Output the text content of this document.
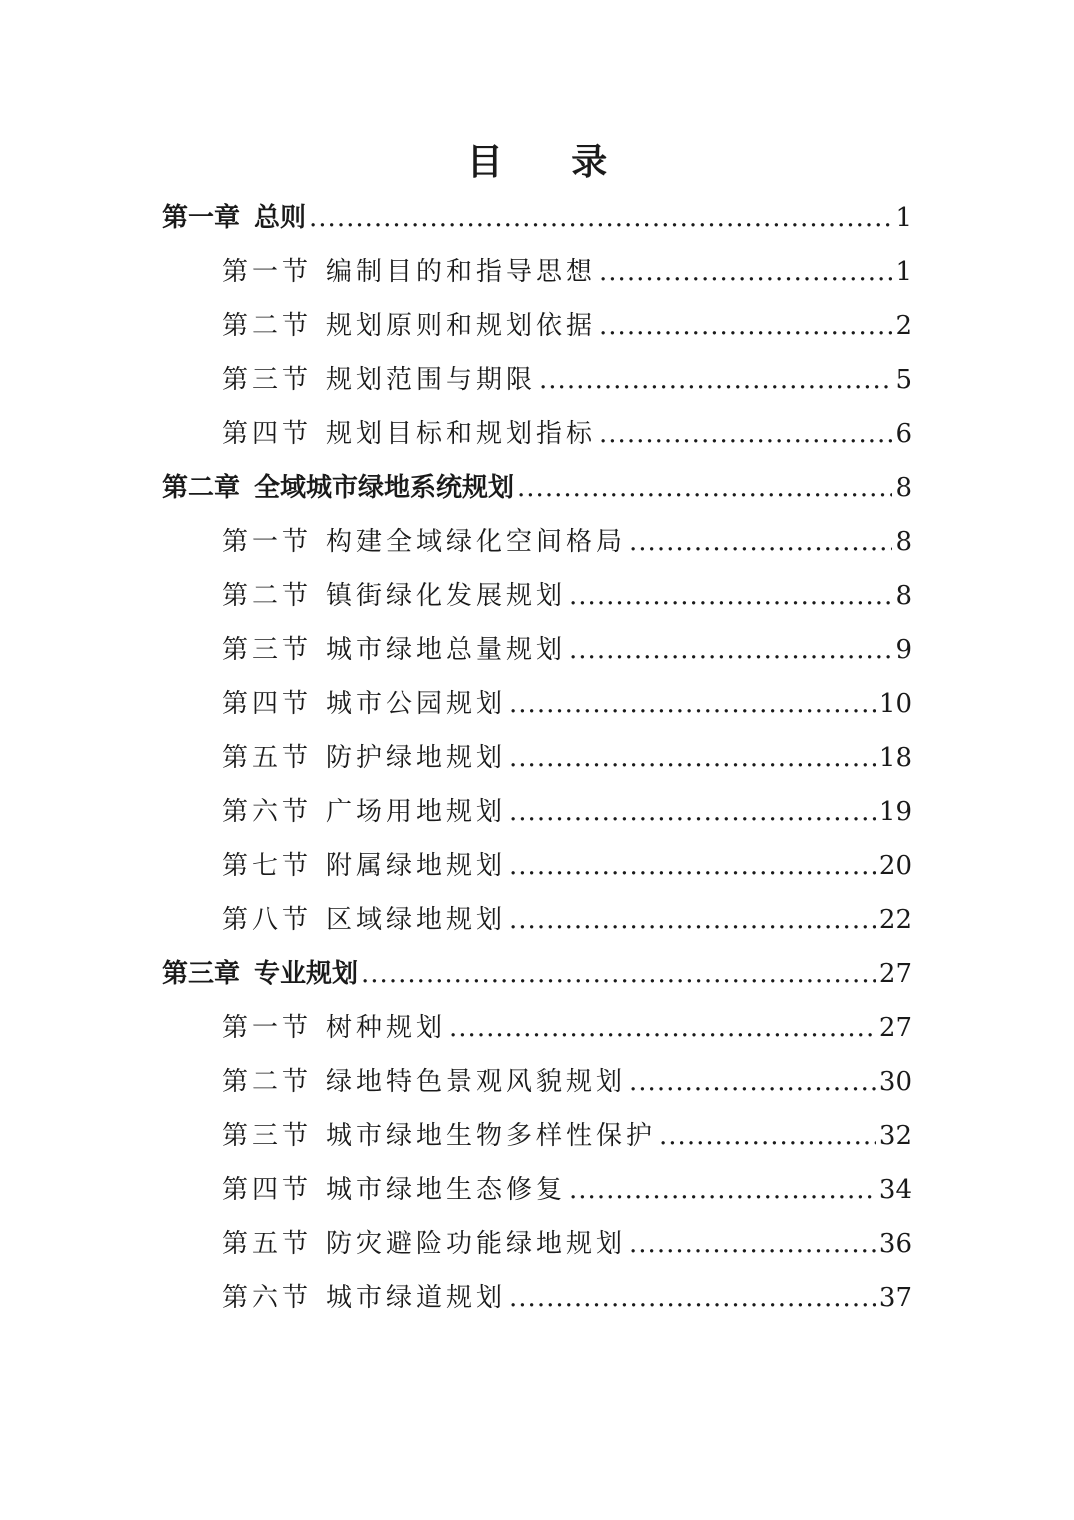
目 录
第一章 总则 .....	1
第一节 编制目的和指导思想 .....	1
第二节 规划原则和规划依据 .....	2
第三节 规划范围与期限 .....	5
第四节 规划目标和规划指标 .....	6
第二章 全域城市绿地系统规划 .....	8
第一节 构建全域绿化空间格局 .....	8
第二节 镇街绿化发展规划 .....	8
第三节 城市绿地总量规划 .....	9
第四节 城市公园规划 .....	10
第五节 防护绿地规划 .....	18
第六节 广场用地规划 .....	19
第七节 附属绿地规划 .....	20
第八节 区域绿地规划 .....	22
第三章 专业规划 .....	27
第一节 树种规划 .....	27
第二节 绿地特色景观风貌规划 .....	30
第三节 城市绿地生物多样性保护 .....	32
第四节 城市绿地生态修复 .....	34
第五节 防灾避险功能绿地规划 .....	36
第六节 城市绿道规划 .....	37
